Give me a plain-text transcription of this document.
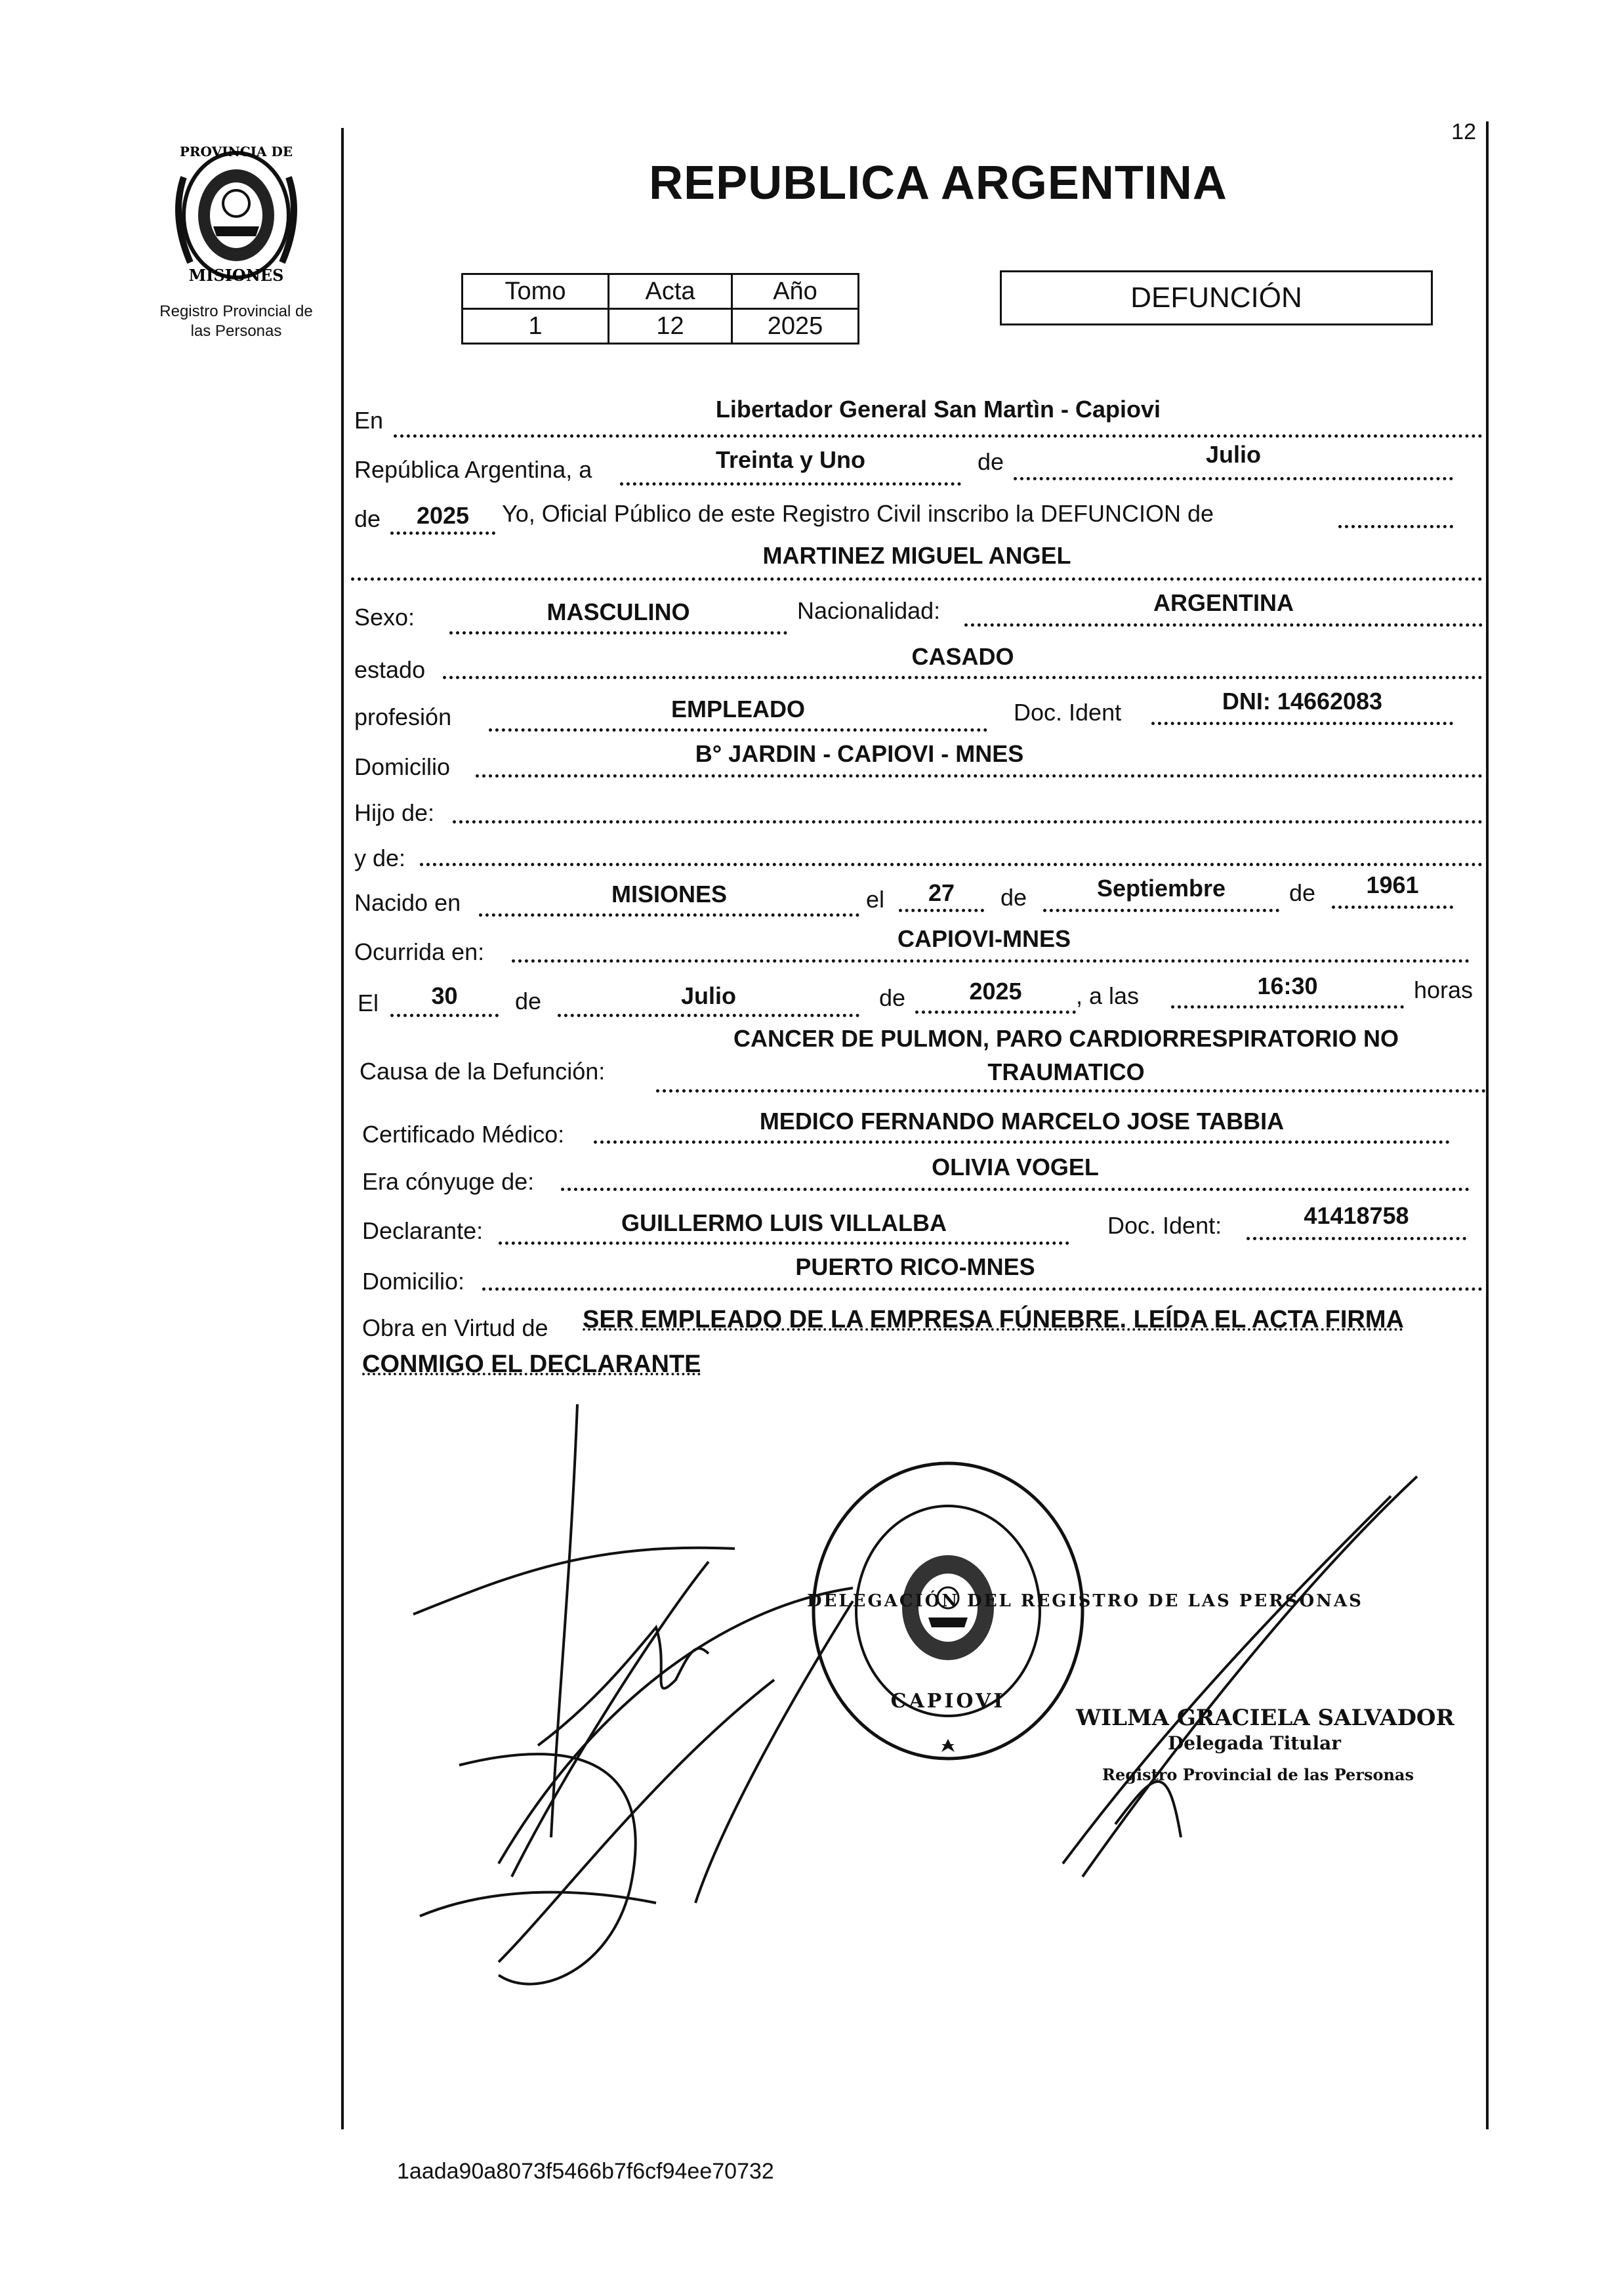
PROVINCIA DE
MISIONES
Registro Provincial de
las Personas
12
REPUBLICA ARGENTINA
Tomo	Acta	Año
1	12	2025
DEFUNCIÓN
En	Libertador General San Martìn - Capiovi
República Argentina, a	Treinta y Uno	de	Julio
de	2025	Yo, Oficial Público de este Registro Civil inscribo la DEFUNCION de
MARTINEZ MIGUEL ANGEL
Sexo:	MASCULINO	Nacionalidad:	ARGENTINA
estado	CASADO
profesión	EMPLEADO	Doc. Ident	DNI: 14662083
Domicilio	B° JARDIN - CAPIOVI - MNES
Hijo de:
y de:
Nacido en	MISIONES	el	27	de	Septiembre	de	1961
Ocurrida en:	CAPIOVI-MNES
El	30	de	Julio	de	2025	, a las	16:30	horas
CANCER DE PULMON, PARO CARDIORRESPIRATORIO NO
Causa de la Defunción:	TRAUMATICO
Certificado Médico:	MEDICO FERNANDO MARCELO JOSE TABBIA
Era cónyuge de:
OLIVIA VOGEL
Declarante:	GUILLERMO LUIS VILLALBA	Doc. Ident:	41418758
Domicilio:
PUERTO RICO-MNES
Obra en Virtud de SER EMPLEADO DE LA EMPRESA FÚNEBRE. LEÍDA EL ACTA FIRMA
CONMIGO EL DECLARANTE
DELEGACIÓN DEL REGISTRO DE LAS PERSONAS
CAPIOVI
WILMA GRACIELA SALVADOR
Delegada Titular
Registro Provincial de las Personas
1aada90a8073f5466b7f6cf94ee70732
